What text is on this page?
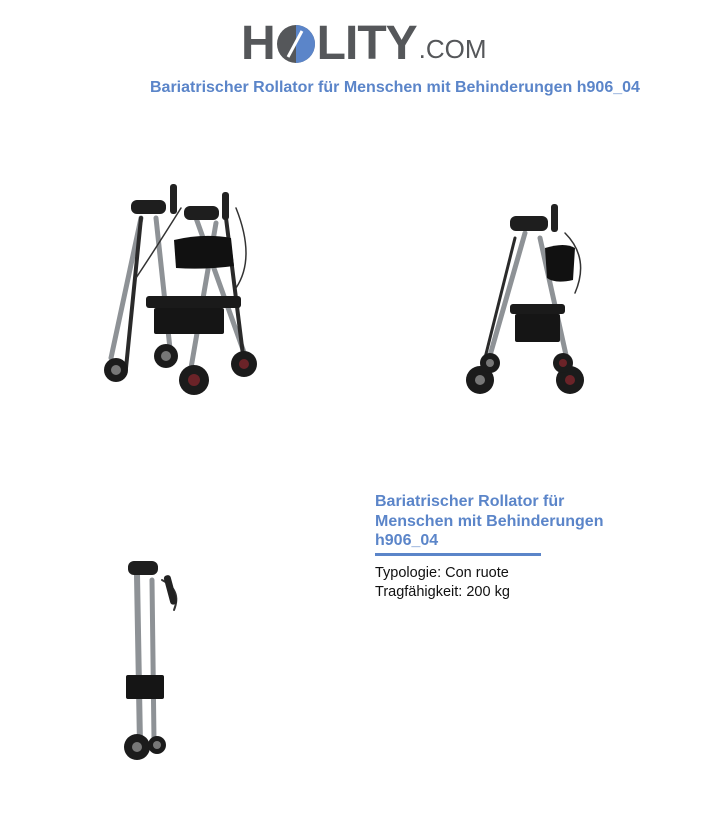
H LITY .COM
Bariatrischer Rollator für Menschen mit Behinderungen h906_04
Bariatrischer Rollator für Menschen mit Behinderungen h906_04
Typologie: Con ruote
Tragfähigkeit: 200 kg
